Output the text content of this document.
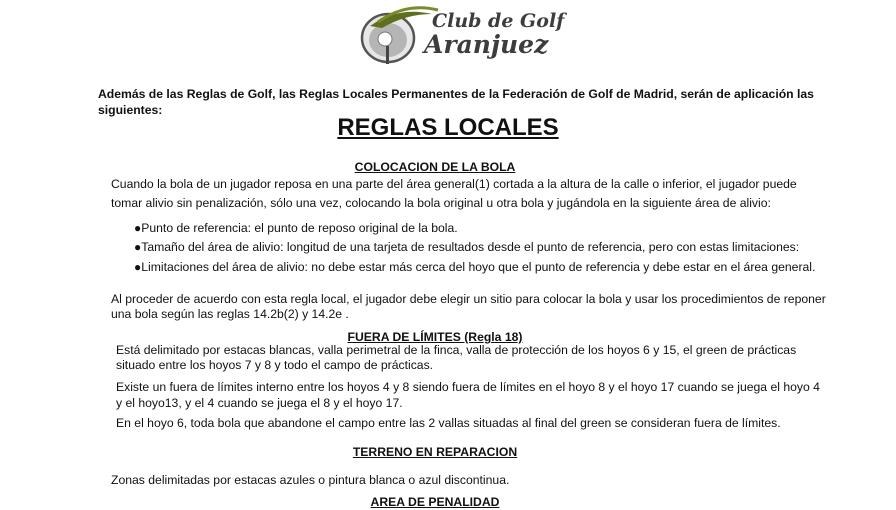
Club de Golf
Aranjuez
Además de las Reglas de Golf, las Reglas Locales Permanentes de la Federación de Golf de Madrid, serán de aplicación las siguientes:
REGLAS LOCALES
COLOCACION DE LA BOLA
Cuando la bola de un jugador reposa en una parte del área general(1) cortada a la altura de la calle o inferior, el jugador puede
tomar alivio sin penalización, sólo una vez, colocando la bola original u otra bola y jugándola en la siguiente área de alivio:
●Punto de referencia: el punto de reposo original de la bola.
●Tamaño del área de alivio: longitud de una tarjeta de resultados desde el punto de referencia, pero con estas limitaciones:
●Limitaciones del área de alivio: no debe estar más cerca del hoyo que el punto de referencia y debe estar en el área general.
Al proceder de acuerdo con esta regla local, el jugador debe elegir un sitio para colocar la bola y usar los procedimientos de reponer
una bola según las reglas 14.2b(2) y 14.2e .
FUERA DE LÍMITES (Regla 18)
Está delimitado por estacas blancas, valla perimetral de la finca, valla de protección de los hoyos 6 y 15, el green de prácticas
situado entre los hoyos 7 y 8 y todo el campo de prácticas.
Existe un fuera de límites interno entre los hoyos 4 y 8 siendo fuera de límites en el hoyo 8 y el hoyo 17 cuando se juega el hoyo 4
y el hoyo13, y el 4 cuando se juega el 8 y el hoyo 17.
En el hoyo 6, toda bola que abandone el campo entre las 2 vallas situadas al final del green se consideran fuera de límites.
TERRENO EN REPARACION
Zonas delimitadas por estacas azules o pintura blanca o azul discontinua.
AREA DE PENALIDAD
